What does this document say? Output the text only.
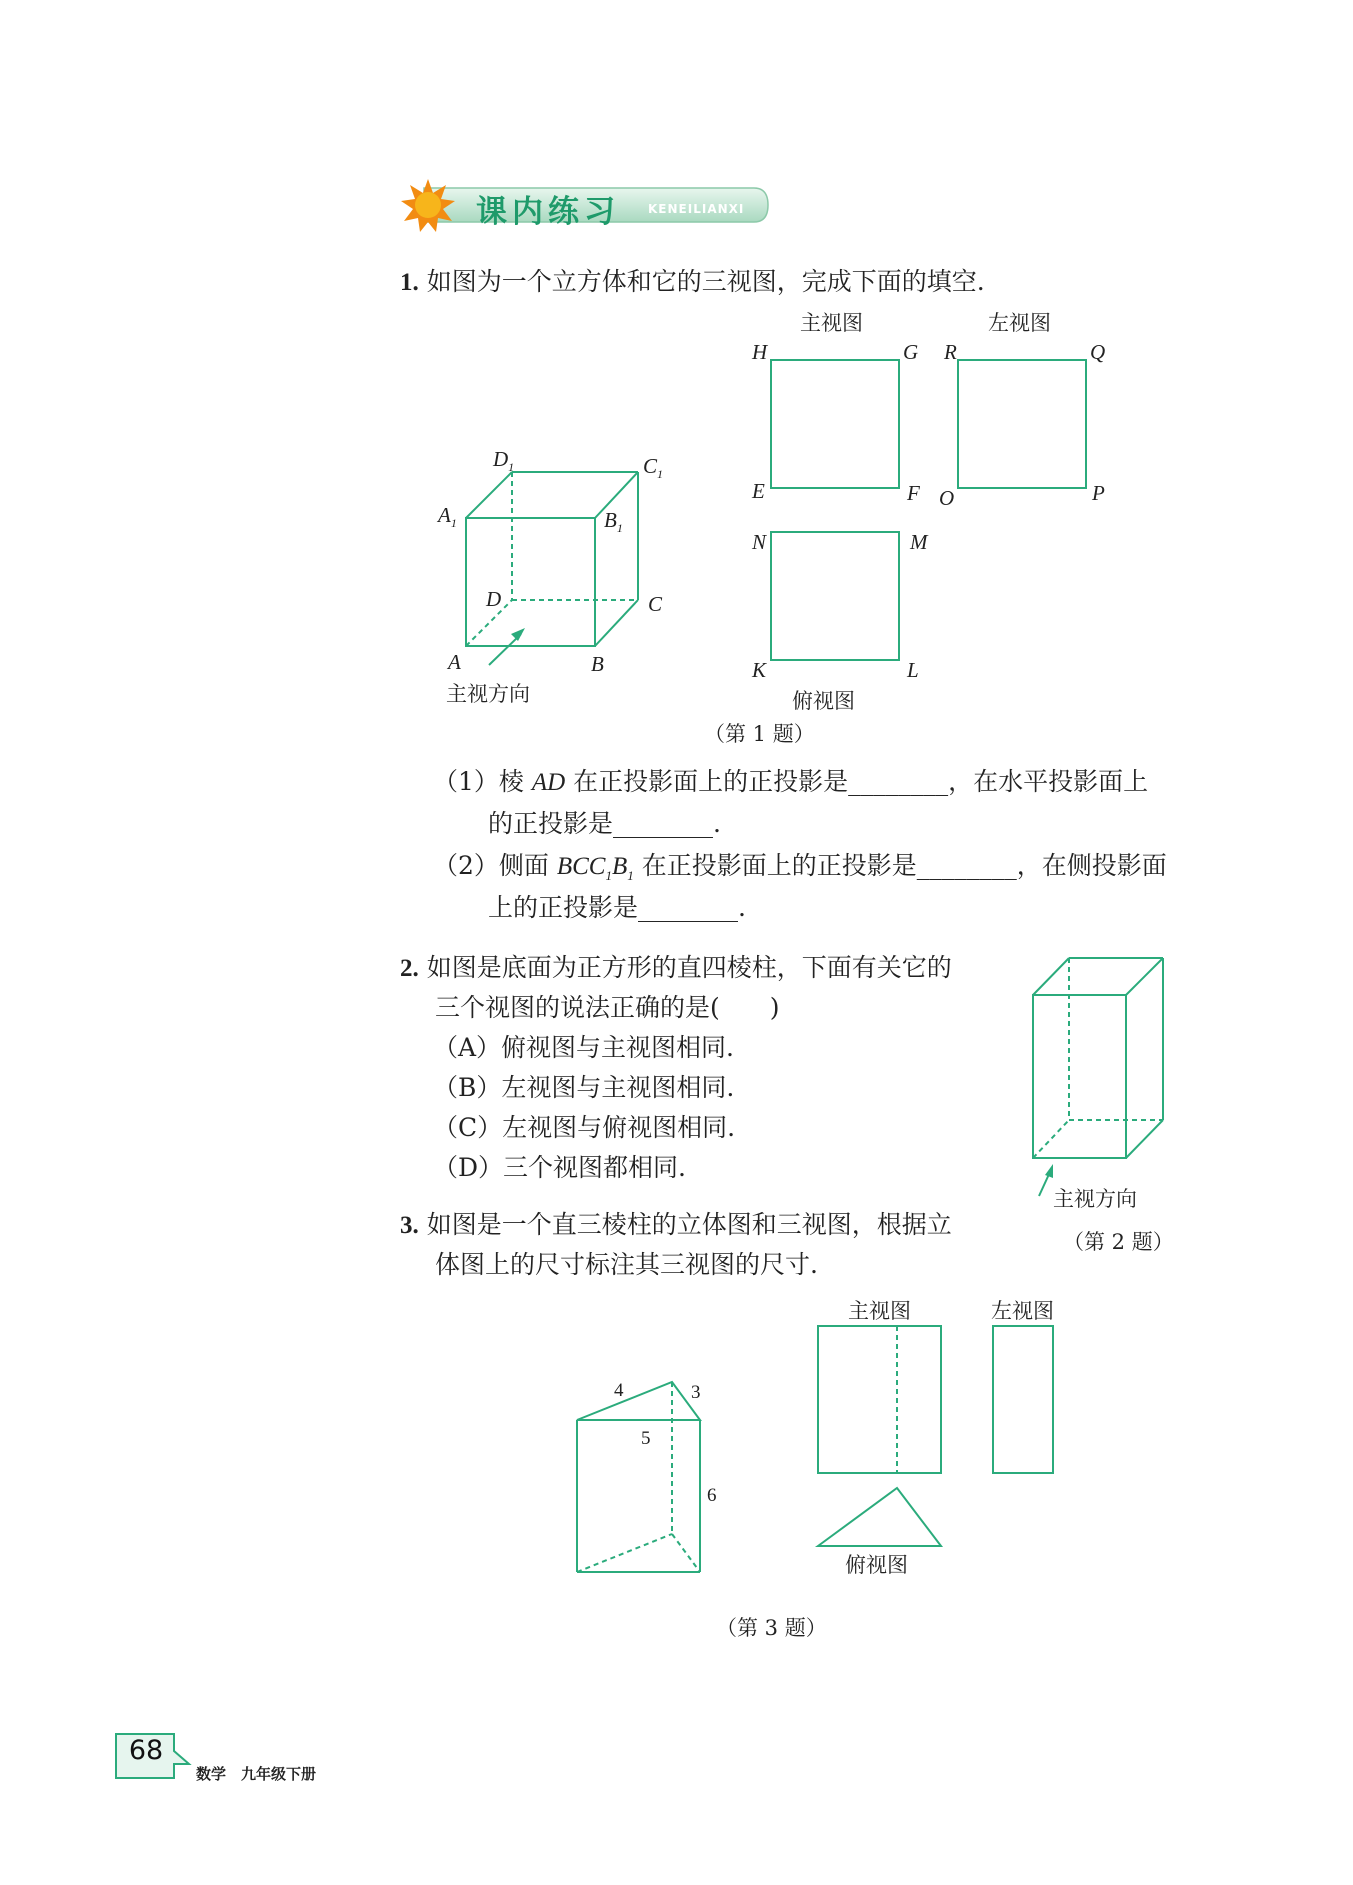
课内练习 KENEILIANXI
1. 如图为一个立方体和它的三视图，完成下面的填空.
$D_1$	$C_1$
$A_1$	$B_1$
D	C
A	B
主视方向
主视图	左视图
俯视图
H	G
E	F
R	Q
O	P
N	M
K	L
（第 1 题）
（1）棱 AD 在正投影面上的正投影是________，在水平投影面上
的正投影是________.
（2）侧面 $BCC_1B_1$ 在正投影面上的正投影是________，在侧投影面
上的正投影是________.
2. 如图是底面为正方形的直四棱柱，下面有关它的
三个视图的说法正确的是(　　)
（A）俯视图与主视图相同.
（B）左视图与主视图相同.
（C）左视图与俯视图相同.
（D）三个视图都相同.
主视方向
（第 2 题）
3. 如图是一个直三棱柱的立体图和三视图，根据立
体图上的尺寸标注其三视图的尺寸.
4	3
5
6
主视图	左视图
俯视图
（第 3 题）
68
数学　九年级下册
